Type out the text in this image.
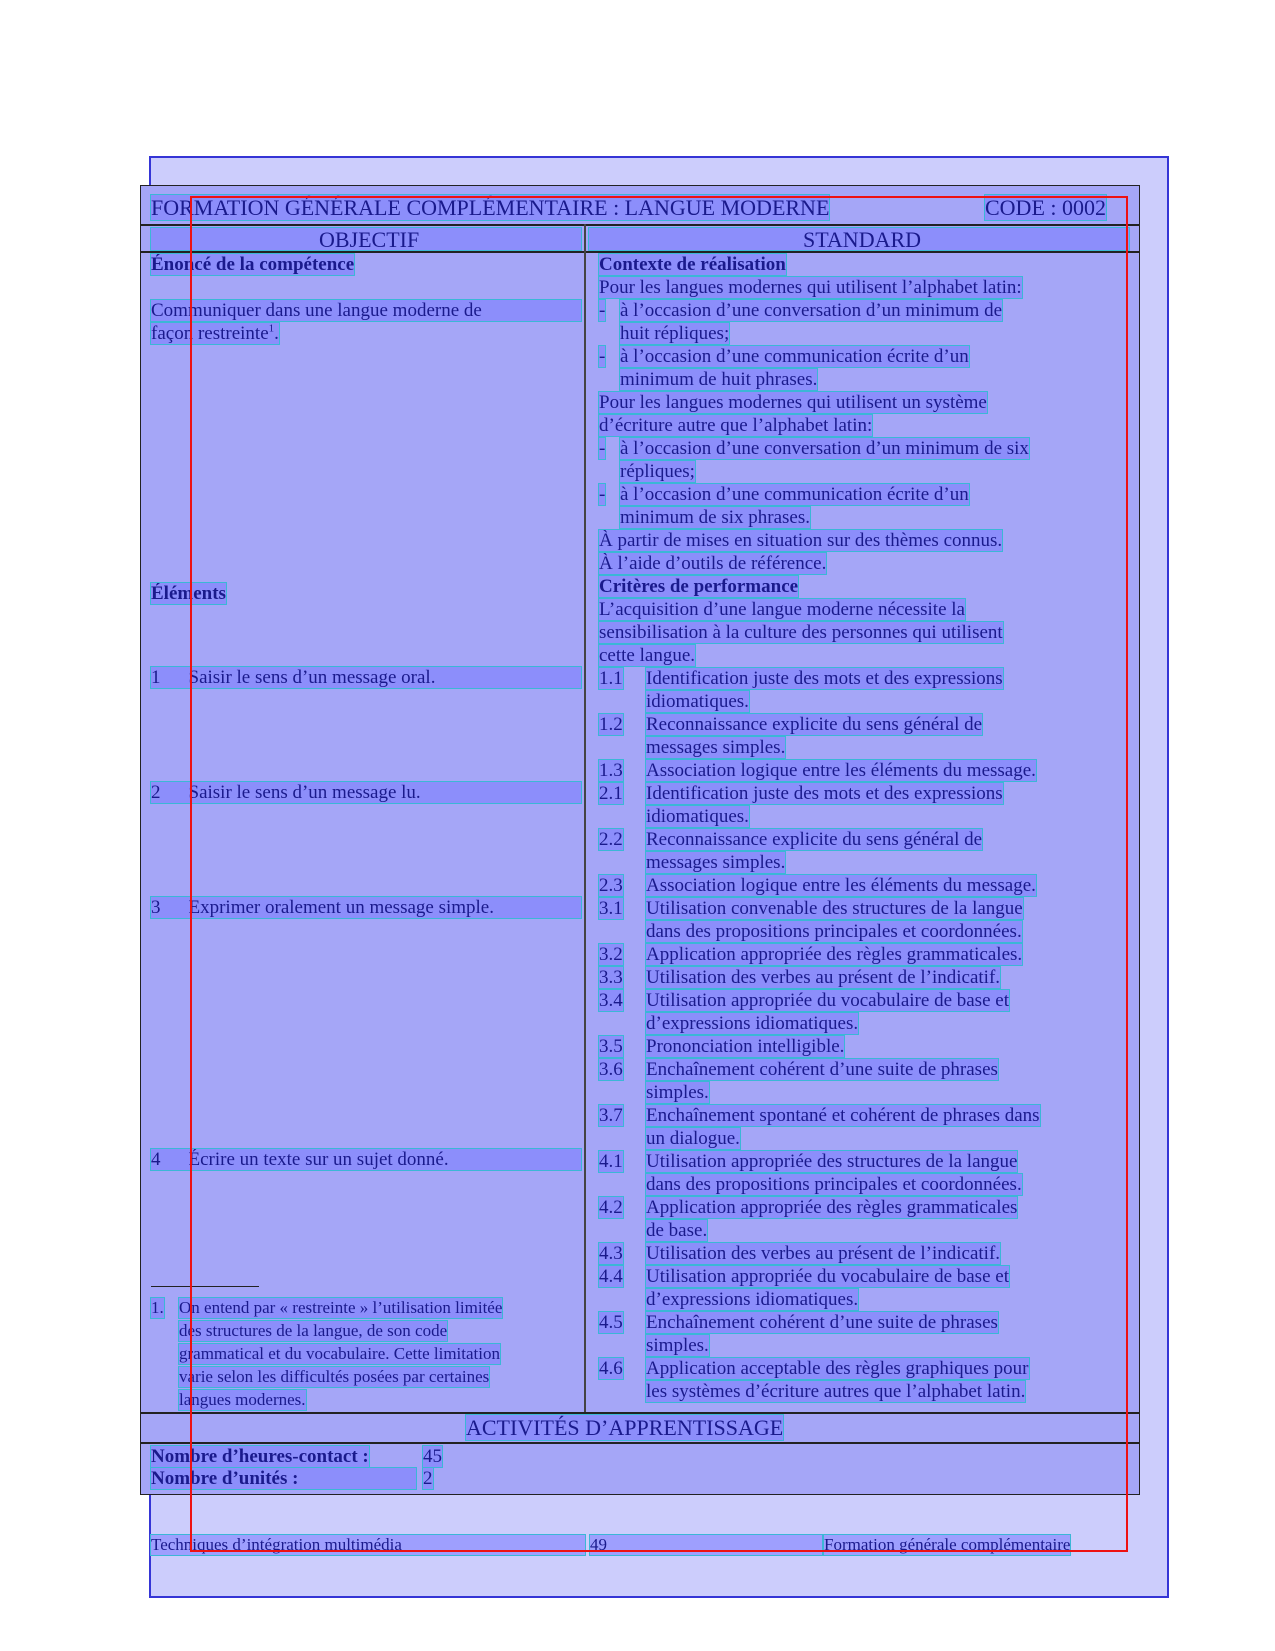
FORMATION GÉNÉRALE COMPLÉMENTAIRE : LANGUE MODERNE	CODE : 0002
OBJECTIF	STANDARD
Énoncé de la compétence
Communiquer dans une langue moderne de
façon restreinte$^1$.
Éléments
1 Saisir le sens d’un message oral.
2 Saisir le sens d’un message lu.
3 Exprimer oralement un message simple.
4 Écrire un texte sur un sujet donné.
1. On entend par « restreinte » l’utilisation limitée
des structures de la langue, de son code
grammatical et du vocabulaire. Cette limitation
varie selon les difficultés posées par certaines
langues modernes.
Contexte de réalisation
Pour les langues modernes qui utilisent l’alphabet latin:
- à l’occasion d’une conversation d’un minimum de
huit répliques;
- à l’occasion d’une communication écrite d’un
minimum de huit phrases.
Pour les langues modernes qui utilisent un système
d’écriture autre que l’alphabet latin:
- à l’occasion d’une conversation d’un minimum de six
répliques;
- à l’occasion d’une communication écrite d’un
minimum de six phrases.
À partir de mises en situation sur des thèmes connus.
À l’aide d’outils de référence.
Critères de performance
L’acquisition d’une langue moderne nécessite la
sensibilisation à la culture des personnes qui utilisent
cette langue.
1.1 Identification juste des mots et des expressions
idiomatiques.
1.2 Reconnaissance explicite du sens général de
messages simples.
1.3 Association logique entre les éléments du message.
2.1 Identification juste des mots et des expressions
idiomatiques.
2.2 Reconnaissance explicite du sens général de
messages simples.
2.3 Association logique entre les éléments du message.
3.1 Utilisation convenable des structures de la langue
dans des propositions principales et coordonnées.
3.2 Application appropriée des règles grammaticales.
3.3 Utilisation des verbes au présent de l’indicatif.
3.4 Utilisation appropriée du vocabulaire de base et
d’expressions idiomatiques.
3.5 Prononciation intelligible.
3.6 Enchaînement cohérent d’une suite de phrases
simples.
3.7 Enchaînement spontané et cohérent de phrases dans
un dialogue.
4.1 Utilisation appropriée des structures de la langue
dans des propositions principales et coordonnées.
4.2 Application appropriée des règles grammaticales
de base.
4.3 Utilisation des verbes au présent de l’indicatif.
4.4 Utilisation appropriée du vocabulaire de base et
d’expressions idiomatiques.
4.5 Enchaînement cohérent d’une suite de phrases
simples.
4.6 Application acceptable des règles graphiques pour
les systèmes d’écriture autres que l’alphabet latin.
ACTIVITÉS D’APPRENTISSAGE
Nombre d’heures-contact :	45
Nombre d’unités :	2
Techniques d’intégration multimédia	49	Formation générale complémentaire
